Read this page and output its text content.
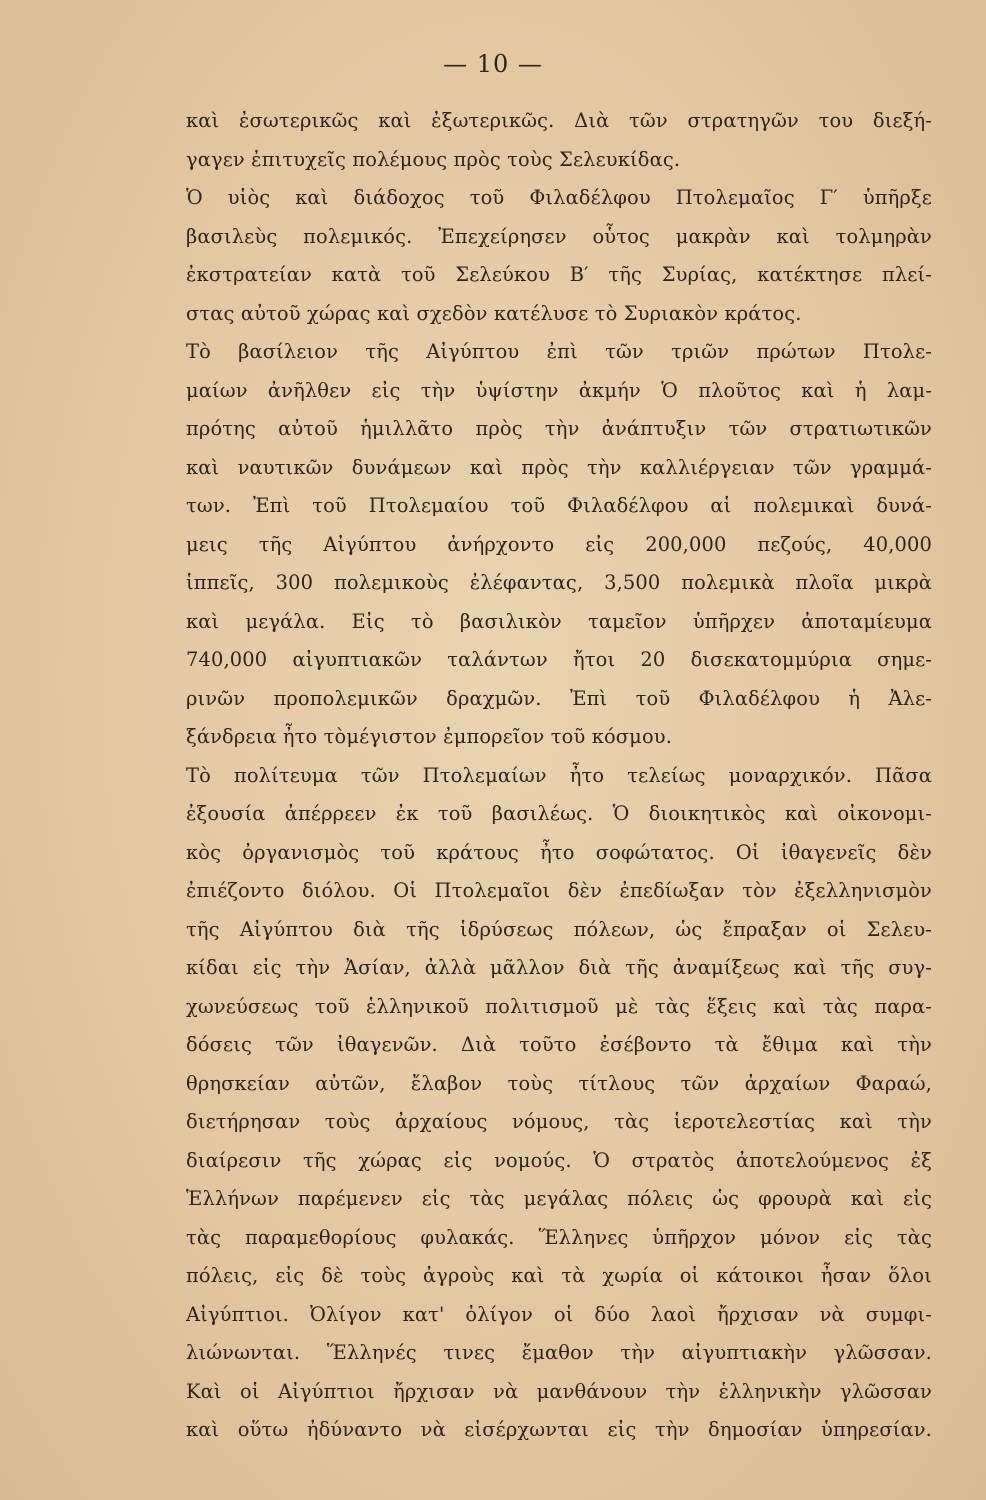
— 10 —
καὶ ἐσωτερικῶς καὶ ἐξωτερικῶς. Διὰ τῶν στρατηγῶν του διεξή-
γαγεν ἐπιτυχεῖς πολέμους πρὸς τοὺς Σελευκίδας.
Ὁ υἱὸς καὶ διάδοχος τοῦ Φιλαδέλφου Πτολεμαῖος Γ′ ὑπῆρξε
βασιλεὺς πολεμικός. Ἐπεχείρησεν οὗτος μακρὰν καὶ τολμηρὰν
ἐκστρατείαν κατὰ τοῦ Σελεύκου Β′ τῆς Συρίας, κατέκτησε πλεί-
στας αὐτοῦ χώρας καὶ σχεδὸν κατέλυσε τὸ Συριακὸν κράτος.
Τὸ βασίλειον τῆς Αἰγύπτου ἐπὶ τῶν τριῶν πρώτων Πτολε-
μαίων ἀνῆλθεν εἰς τὴν ὑψίστην ἀκμήν Ὁ πλοῦτος καὶ ἡ λαμ-
πρότης αὐτοῦ ἡμιλλᾶτο πρὸς τὴν ἀνάπτυξιν τῶν στρατιωτικῶν
καὶ ναυτικῶν δυνάμεων καὶ πρὸς τὴν καλλιέργειαν τῶν γραμμά-
των. Ἐπὶ τοῦ Πτολεμαίου τοῦ Φιλαδέλφου αἱ πολεμικαὶ δυνά-
μεις τῆς Αἰγύπτου ἀνήρχοντο εἰς 200,000 πεζούς, 40,000
ἱππεῖς, 300 πολεμικοὺς ἐλέφαντας, 3,500 πολεμικὰ πλοῖα μικρὰ
καὶ μεγάλα. Εἰς τὸ βασιλικὸν ταμεῖον ὑπῆρχεν ἀποταμίευμα
740,000 αἰγυπτιακῶν ταλάντων ἤτοι 20 δισεκατομμύρια σημε-
ρινῶν προπολεμικῶν δραχμῶν. Ἐπὶ τοῦ Φιλαδέλφου ἡ Ἀλε-
ξάνδρεια ἦτο τὸμέγιστον ἐμπορεῖον τοῦ κόσμου.
Τὸ πολίτευμα τῶν Πτολεμαίων ἦτο τελείως μοναρχικόν. Πᾶσα
ἐξουσία ἀπέρρεεν ἐκ τοῦ βασιλέως. Ὁ διοικητικὸς καὶ οἰκονομι-
κὸς ὀργανισμὸς τοῦ κράτους ἦτο σοφώτατος. Οἱ ἰθαγενεῖς δὲν
ἐπιέζοντο διόλου. Οἱ Πτολεμαῖοι δὲν ἐπεδίωξαν τὸν ἐξελληνισμὸν
τῆς Αἰγύπτου διὰ τῆς ἱδρύσεως πόλεων, ὡς ἔπραξαν οἱ Σελευ-
κίδαι εἰς τὴν Ἀσίαν, ἀλλὰ μᾶλλον διὰ τῆς ἀναμίξεως καὶ τῆς συγ-
χωνεύσεως τοῦ ἑλληνικοῦ πολιτισμοῦ μὲ τὰς ἕξεις καὶ τὰς παρα-
δόσεις τῶν ἰθαγενῶν. Διὰ τοῦτο ἐσέβοντο τὰ ἔθιμα καὶ τὴν
θρησκείαν αὐτῶν, ἔλαβον τοὺς τίτλους τῶν ἀρχαίων Φαραώ,
διετήρησαν τοὺς ἀρχαίους νόμους, τὰς ἱεροτελεστίας καὶ τὴν
διαίρεσιν τῆς χώρας εἰς νομούς. Ὁ στρατὸς ἀποτελούμενος ἐξ
Ἑλλήνων παρέμενεν εἰς τὰς μεγάλας πόλεις ὡς φρουρὰ καὶ εἰς
τὰς παραμεθορίους φυλακάς. Ἕλληνες ὑπῆρχον μόνον εἰς τὰς
πόλεις, εἰς δὲ τοὺς ἀγροὺς καὶ τὰ χωρία οἱ κάτοικοι ἦσαν ὅλοι
Αἰγύπτιοι. Ὀλίγον κατ' ὀλίγον οἱ δύο λαοὶ ἤρχισαν νὰ συμφι-
λιώνωνται. Ἕλληνές τινες ἔμαθον τὴν αἰγυπτιακὴν γλῶσσαν.
Καὶ οἱ Αἰγύπτιοι ἤρχισαν νὰ μανθάνουν τὴν ἑλληνικὴν γλῶσσαν
καὶ οὕτω ἠδύναντο νὰ εἰσέρχωνται εἰς τὴν δημοσίαν ὑπηρεσίαν.
